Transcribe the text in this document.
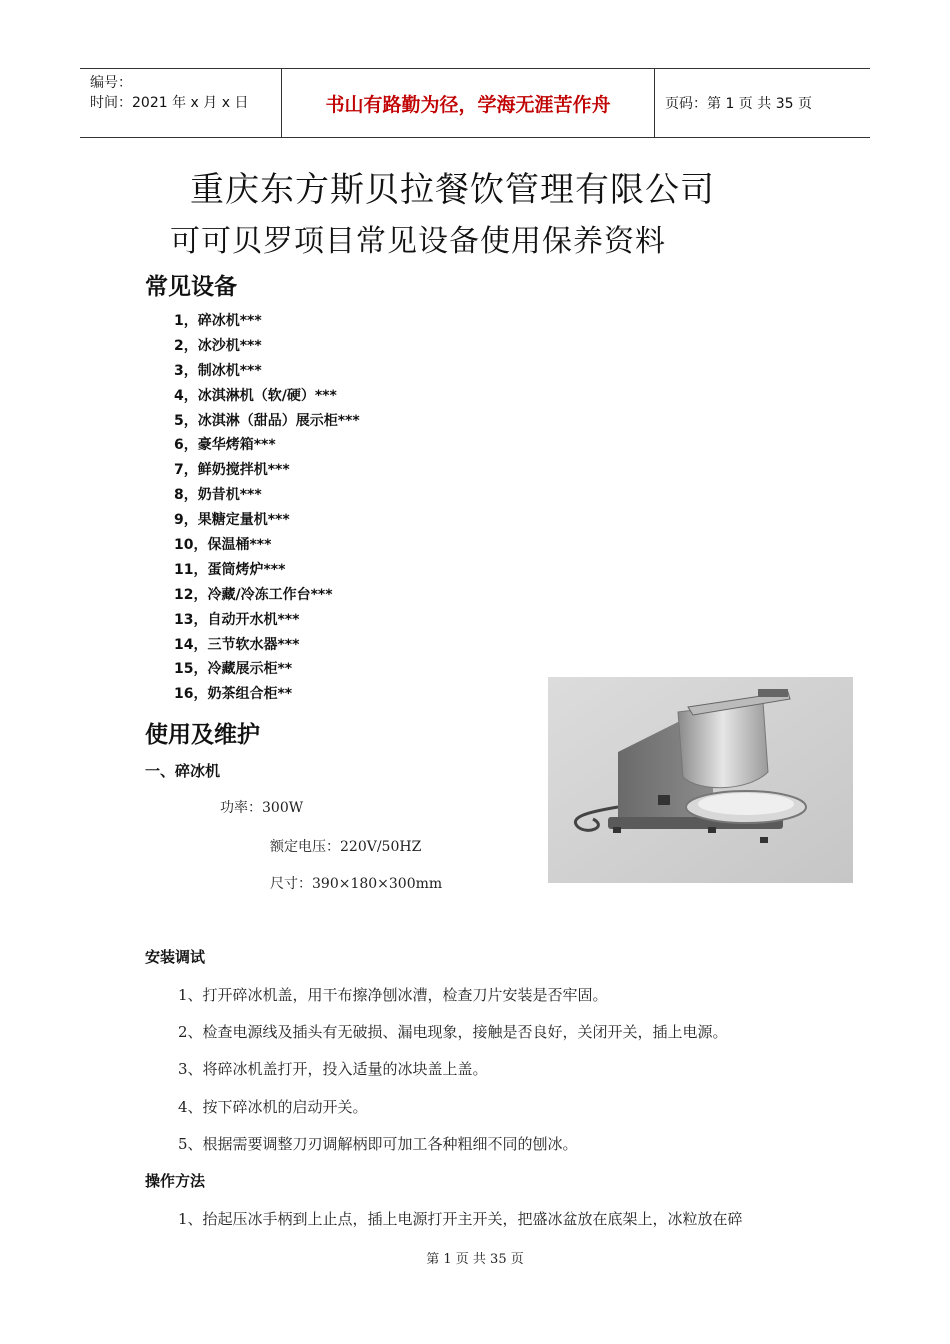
编号：
时间：2021 年 x 月 x 日	书山有路勤为径，学海无涯苦作舟	页码：第 1 页 共 35 页
重庆东方斯贝拉餐饮管理有限公司
可可贝罗项目常见设备使用保养资料
常见设备
1，碎冰机***
2，冰沙机***
3，制冰机***
4，冰淇淋机（软/硬）***
5，冰淇淋（甜品）展示柜***
6，豪华烤箱***
7，鲜奶搅拌机***
8，奶昔机***
9，果糖定量机***
10，保温桶***
11，蛋筒烤炉***
12，冷藏/冷冻工作台***
13，自动开水机***
14，三节软水器***
15，冷藏展示柜**
16，奶茶组合柜**
使用及维护
一、碎冰机
功率：300W
额定电压：220V/50HZ
尺寸：390×180×300mm
安装调试
1、打开碎冰机盖，用干布擦净刨冰漕，检查刀片安装是否牢固。
2、检查电源线及插头有无破损、漏电现象，接触是否良好，关闭开关，插上电源。
3、将碎冰机盖打开，投入适量的冰块盖上盖。
4、按下碎冰机的启动开关。
5、根据需要调整刀刃调解柄即可加工各种粗细不同的刨冰。
操作方法
1、抬起压冰手柄到上止点，插上电源打开主开关，把盛冰盆放在底架上，冰粒放在碎
第 1 页 共 35 页
